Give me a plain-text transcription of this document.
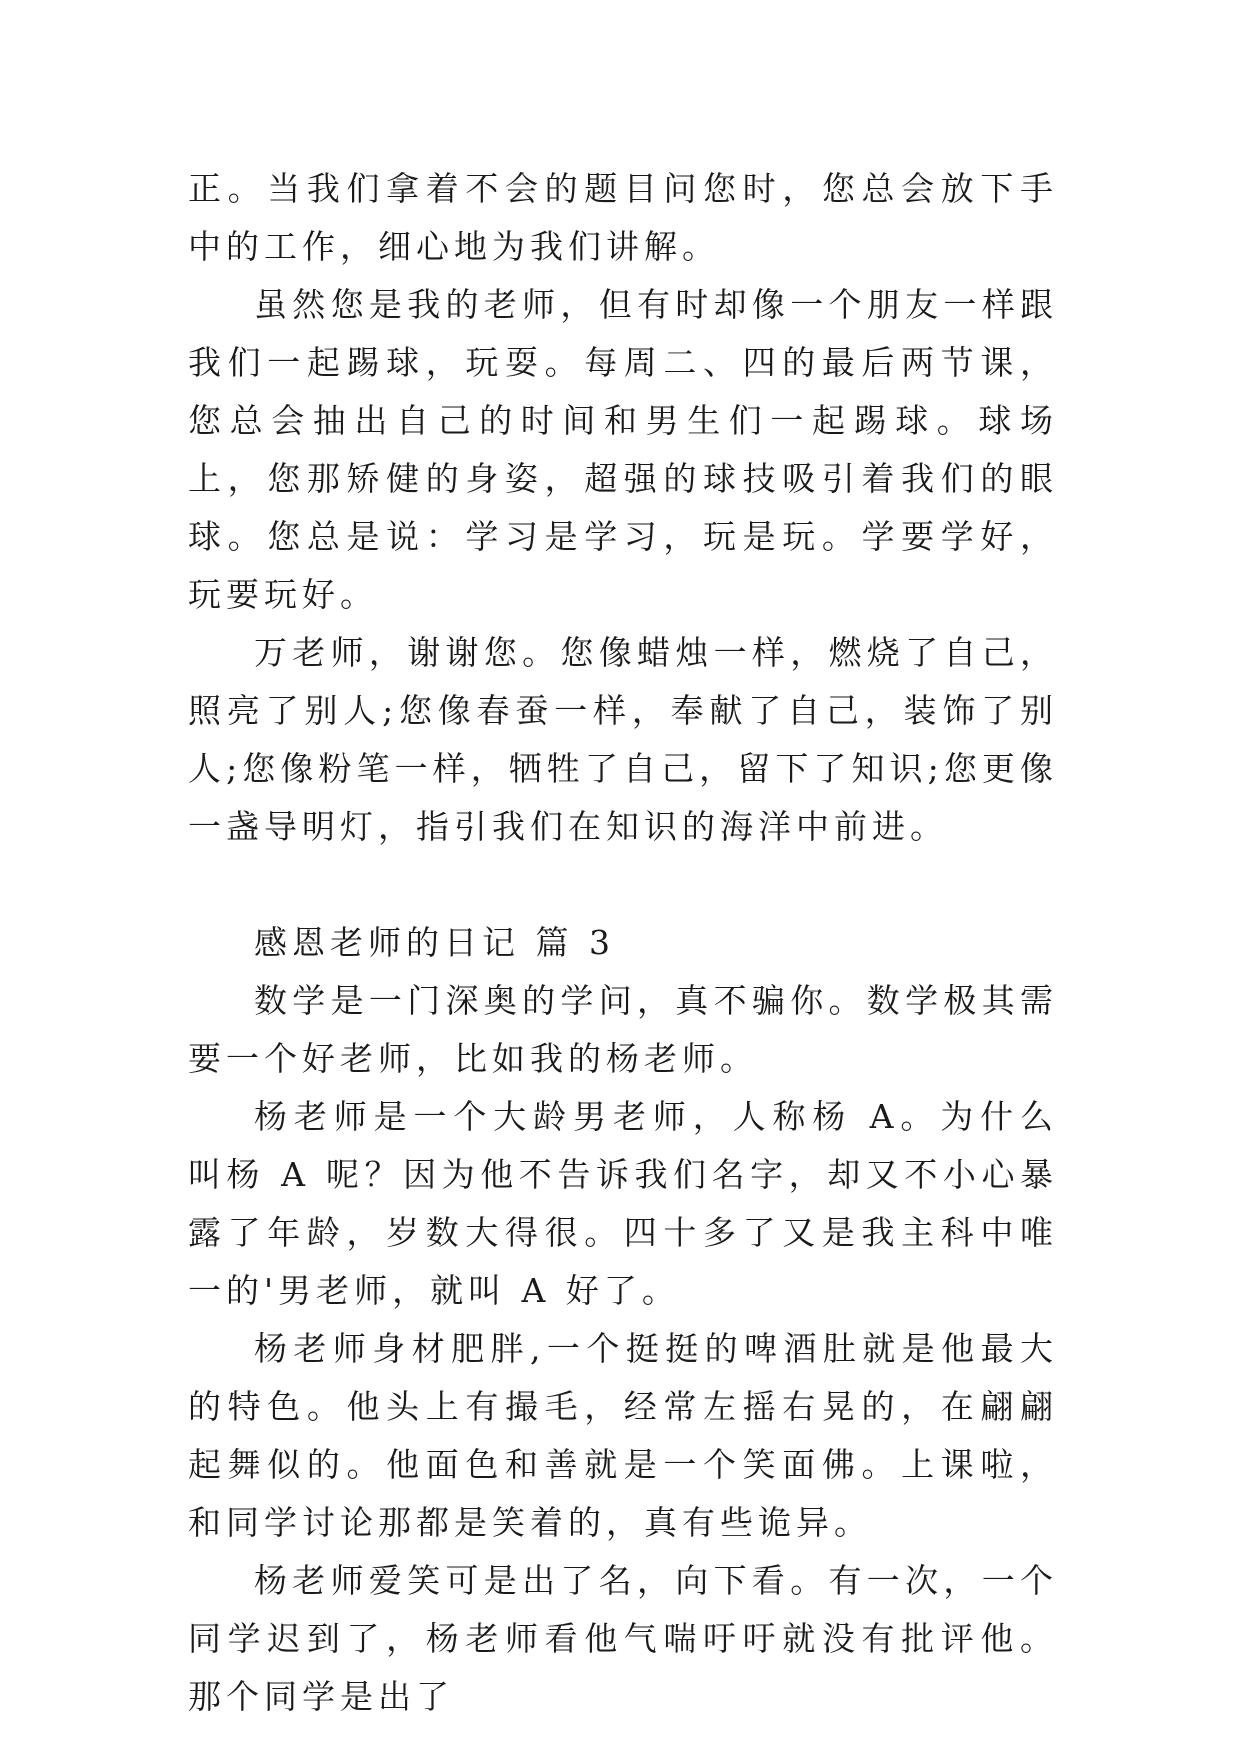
正。当我们拿着不会的题目问您时，您总会放下手中的工作，细心地为我们讲解。

虽然您是我的老师，但有时却像一个朋友一样跟我们一起踢球，玩耍。每周二、四的最后两节课，您总会抽出自己的时间和男生们一起踢球。球场上，您那矫健的身姿，超强的球技吸引着我们的眼球。您总是说：学习是学习，玩是玩。学要学好，玩要玩好。

万老师，谢谢您。您像蜡烛一样，燃烧了自己，照亮了别人;您像春蚕一样，奉献了自己，装饰了别人;您像粉笔一样，牺牲了自己，留下了知识;您更像一盏导明灯，指引我们在知识的海洋中前进。

感恩老师的日记 篇 3

数学是一门深奥的学问，真不骗你。数学极其需要一个好老师，比如我的杨老师。

杨老师是一个大龄男老师，人称杨 A。为什么叫杨 A 呢？因为他不告诉我们名字，却又不小心暴露了年龄，岁数大得很。四十多了又是我主科中唯一的'男老师，就叫 A 好了。

杨老师身材肥胖,一个挺挺的啤酒肚就是他最大的特色。他头上有撮毛，经常左摇右晃的，在翩翩起舞似的。他面色和善就是一个笑面佛。上课啦，和同学讨论那都是笑着的，真有些诡异。

杨老师爱笑可是出了名，向下看。有一次，一个同学迟到了，杨老师看他气喘吁吁就没有批评他。那个同学是出了
